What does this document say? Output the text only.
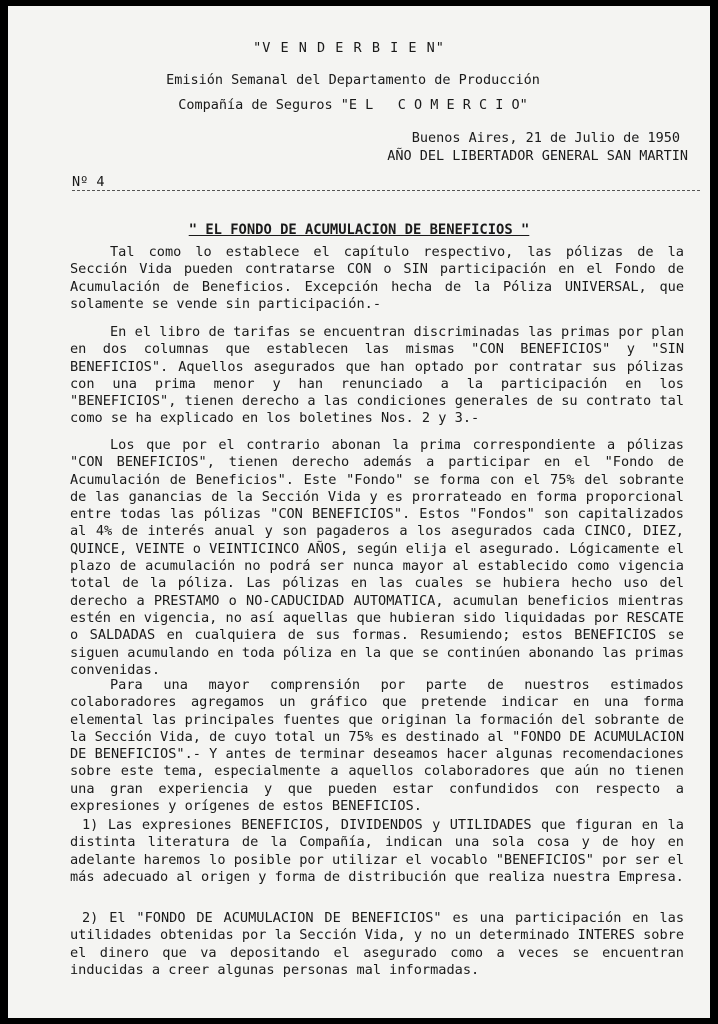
"V E N D E R B I E N"
Emisión Semanal del Departamento de Producción
Compañía de Seguros "E L   C O M E R C I O"
Buenos Aires, 21 de Julio de 1950
AÑO DEL LIBERTADOR GENERAL SAN MARTIN
Nº 4
" EL FONDO DE ACUMULACION DE BENEFICIOS "

Tal como lo establece el capítulo respectivo, las pólizas de la Sección Vida pueden contratarse CON o SIN participación en el Fondo de Acumulación de Beneficios. Excepción hecha de la Póliza UNIVERSAL, que solamente se vende sin participación.-

En el libro de tarifas se encuentran discriminadas las primas por plan en dos columnas que establecen las mismas "CON BENEFICIOS" y "SIN BENEFICIOS". Aquellos asegurados que han optado por contratar sus pólizas con una prima menor y han renunciado a la participación en los "BENEFICIOS", tienen derecho a las condiciones generales de su contrato tal como se ha explicado en los boletines Nos. 2 y 3.-

Los que por el contrario abonan la prima correspondiente a pólizas "CON BENEFICIOS", tienen derecho además a participar en el "Fondo de Acumulación de Beneficios". Este "Fondo" se forma con el 75% del sobrante de las ganancias de la Sección Vida y es prorrateado en forma proporcional entre todas las pólizas "CON BENEFICIOS". Estos "Fondos" son capitalizados al 4% de interés anual y son pagaderos a los asegurados cada CINCO, DIEZ, QUINCE, VEINTE o VEINTICINCO AÑOS, según elija el asegurado. Lógicamente el plazo de acumulación no podrá ser nunca mayor al establecido como vigencia total de la póliza. Las pólizas en las cuales se hubiera hecho uso del derecho a PRESTAMO o NO-CADUCIDAD AUTOMATICA, acumulan beneficios mientras estén en vigencia, no así aquellas que hubieran sido liquidadas por RESCATE o SALDADAS en cualquiera de sus formas. Resumiendo; estos BENEFICIOS se siguen acumulando en toda póliza en la que se continúen abonando las primas convenidas.

Para una mayor comprensión por parte de nuestros estimados colaboradores agregamos un gráfico que pretende indicar en una forma elemental las principales fuentes que originan la formación del sobrante de la Sección Vida, de cuyo total un 75% es destinado al "FONDO DE ACUMULACION DE BENEFICIOS".- Y antes de terminar deseamos hacer algunas recomendaciones sobre este tema, especialmente a aquellos colaboradores que aún no tienen una gran experiencia y que pueden estar confundidos con respecto a expresiones y orígenes de estos BENEFICIOS.

1) Las expresiones BENEFICIOS, DIVIDENDOS y UTILIDADES que figuran en la distinta literatura de la Compañía, indican una sola cosa y de hoy en adelante haremos lo posible por utilizar el vocablo "BENEFICIOS" por ser el más adecuado al origen y forma de distribución que realiza nuestra Empresa.

2) El "FONDO DE ACUMULACION DE BENEFICIOS" es una participación en las utilidades obtenidas por la Sección Vida, y no un determinado INTERES sobre el dinero que va depositando el asegurado como a veces se encuentran inducidas a creer algunas personas mal informadas.
